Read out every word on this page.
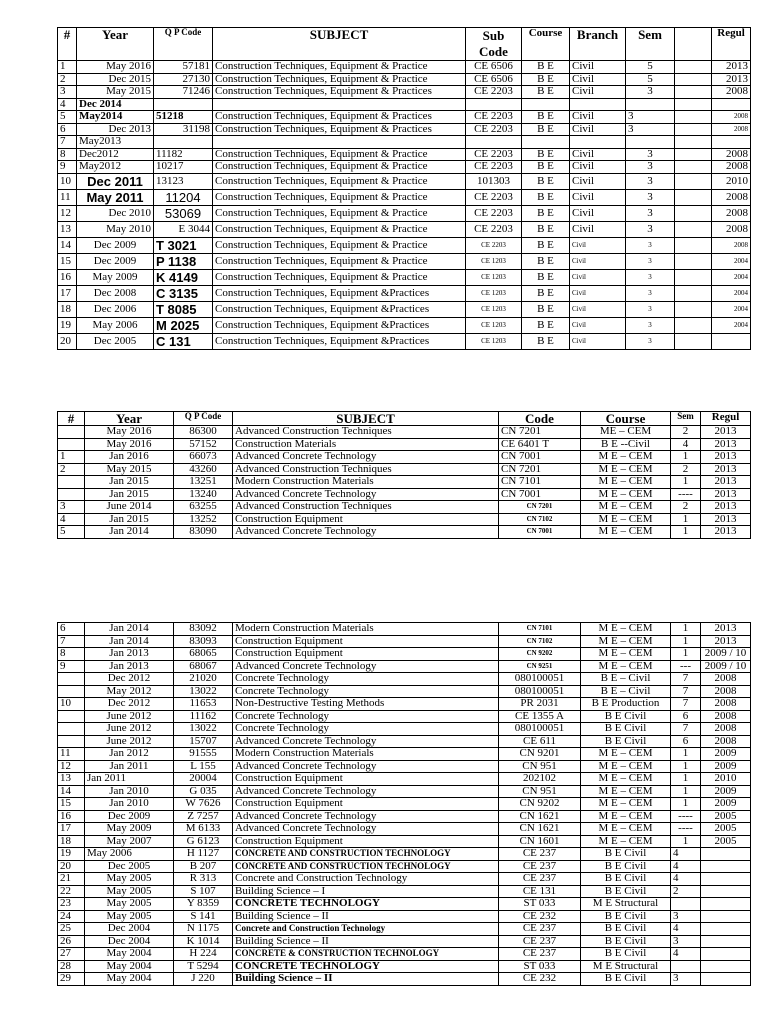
#	Year	Q P Code	SUBJECT	Sub Code	Course	Branch	Sem		Regul
1	May 2016	57181	Construction Techniques, Equipment & Practice	CE 6506	B E	Civil	5		2013
2	Dec 2015	27130	Construction Techniques, Equipment & Practice	CE 6506	B E	Civil	5		2013
3	May 2015	71246	Construction Techniques, Equipment & Practices	CE 2203	B E	Civil	3		2008
4	Dec 2014								
5	May2014	51218	Construction Techniques, Equipment & Practices	CE 2203	B E	Civil	3		2008
6	Dec 2013	31198	Construction Techniques, Equipment & Practices	CE 2203	B E	Civil	3		2008
7	May2013								
8	Dec2012	11182	Construction Techniques, Equipment & Practice	CE 2203	B E	Civil	3		2008
9	May2012	10217	Construction Techniques, Equipment & Practice	CE 2203	B E	Civil	3		2008
10	Dec 2011	13123	Construction Techniques, Equipment & Practice	101303	B E	Civil	3		2010
11	May 2011	11204	Construction Techniques, Equipment & Practice	CE 2203	B E	Civil	3		2008
12	Dec 2010	53069	Construction Techniques, Equipment & Practice	CE 2203	B E	Civil	3		2008
13	May 2010	E 3044	Construction Techniques, Equipment & Practice	CE 2203	B E	Civil	3		2008
14	Dec 2009	T 3021	Construction Techniques, Equipment & Practice	CE 2203	B E	Civil	3		2008
15	Dec 2009	P 1138	Construction Techniques, Equipment & Practice	CE 1203	B E	Civil	3		2004
16	May 2009	K 4149	Construction Techniques, Equipment & Practice	CE 1203	B E	Civil	3		2004
17	Dec 2008	C 3135	Construction Techniques, Equipment &Practices	CE 1203	B E	Civil	3		2004
18	Dec 2006	T 8085	Construction Techniques, Equipment &Practices	CE 1203	B E	Civil	3		2004
19	May 2006	M 2025	Construction Techniques, Equipment &Practices	CE 1203	B E	Civil	3		2004
20	Dec 2005	C 131	Construction Techniques, Equipment &Practices	CE 1203	B E	Civil	3		
#	Year	Q P Code	SUBJECT	Code	Course	Sem	Regul
	May 2016	86300	Advanced Construction Techniques	CN 7201	ME – CEM	2	2013
	May 2016	57152	Construction Materials	CE 6401 T	B E --Civil	4	2013
1	Jan 2016	66073	Advanced Concrete Technology	CN 7001	M E – CEM	1	2013
2	May 2015	43260	Advanced Construction Techniques	CN 7201	M E – CEM	2	2013
	Jan 2015	13251	Modern Construction Materials	CN 7101	M E – CEM	1	2013
	Jan 2015	13240	Advanced Concrete Technology	CN 7001	M E – CEM	----	2013
3	June 2014	63255	Advanced Construction Techniques	CN 7201	M E – CEM	2	2013
4	Jan 2015	13252	Construction Equipment	CN 7102	M E – CEM	1	2013
5	Jan 2014	83090	Advanced Concrete Technology	CN 7001	M E – CEM	1	2013
6	Jan 2014	83092	Modern Construction Materials	CN 7101	M E – CEM	1	2013
7	Jan 2014	83093	Construction Equipment	CN 7102	M E – CEM	1	2013
8	Jan 2013	68065	Construction Equipment	CN 9202	M E – CEM	1	2009 / 10
9	Jan 2013	68067	Advanced Concrete Technology	CN 9251	M E – CEM	---	2009 / 10
	Dec 2012	21020	Concrete Technology	080100051	B E – Civil	7	2008
	May 2012	13022	Concrete Technology	080100051	B E – Civil	7	2008
10	Dec 2012	11653	Non-Destructive Testing Methods	PR 2031	B E Production	7	2008
	June 2012	11162	Concrete Technology	CE 1355 A	B E Civil	6	2008
	June 2012	13022	Concrete Technology	080100051	B E Civil	7	2008
	June 2012	15707	Advanced Concrete Technology	CE 611	B E Civil	6	2008
11	Jan 2012	91555	Modern Construction Materials	CN 9201	M E – CEM	1	2009
12	Jan 2011	L 155	Advanced Concrete Technology	CN 951	M E – CEM	1	2009
13	Jan 2011	20004	Construction Equipment	202102	M E – CEM	1	2010
14	Jan 2010	G 035	Advanced Concrete Technology	CN 951	M E – CEM	1	2009
15	Jan 2010	W 7626	Construction Equipment	CN 9202	M E – CEM	1	2009
16	Dec 2009	Z 7257	Advanced Concrete Technology	CN 1621	M E – CEM	----	2005
17	May 2009	M 6133	Advanced Concrete Technology	CN 1621	M E – CEM	----	2005
18	May 2007	G 6123	Construction Equipment	CN 1601	M E – CEM	1	2005
19	May 2006	H 1127	CONCRETE AND CONSTRUCTION TECHNOLOGY	CE 237	B E Civil	4	
20	Dec 2005	B 207	CONCRETE AND CONSTRUCTION TECHNOLOGY	CE 237	B E Civil	4	
21	May 2005	R 313	Concrete and Construction Technology	CE 237	B E Civil	4	
22	May 2005	S 107	Building Science – I	CE 131	B E Civil	2	
23	May 2005	Y 8359	CONCRETE TECHNOLOGY	ST 033	M E Structural		
24	May 2005	S 141	Building Science – II	CE 232	B E Civil	3	
25	Dec 2004	N 1175	Concrete and Construction Technology	CE 237	B E Civil	4	
26	Dec 2004	K 1014	Building Science – II	CE 237	B E Civil	3	
27	May 2004	H 224	CONCRETE & CONSTRUCTION TECHNOLOGY	CE 237	B E Civil	4	
28	May 2004	T 5294	CONCRETE TECHNOLOGY	ST 033	M E Structural		
29	May 2004	J 220	Building Science – II	CE 232	B E Civil	3	
